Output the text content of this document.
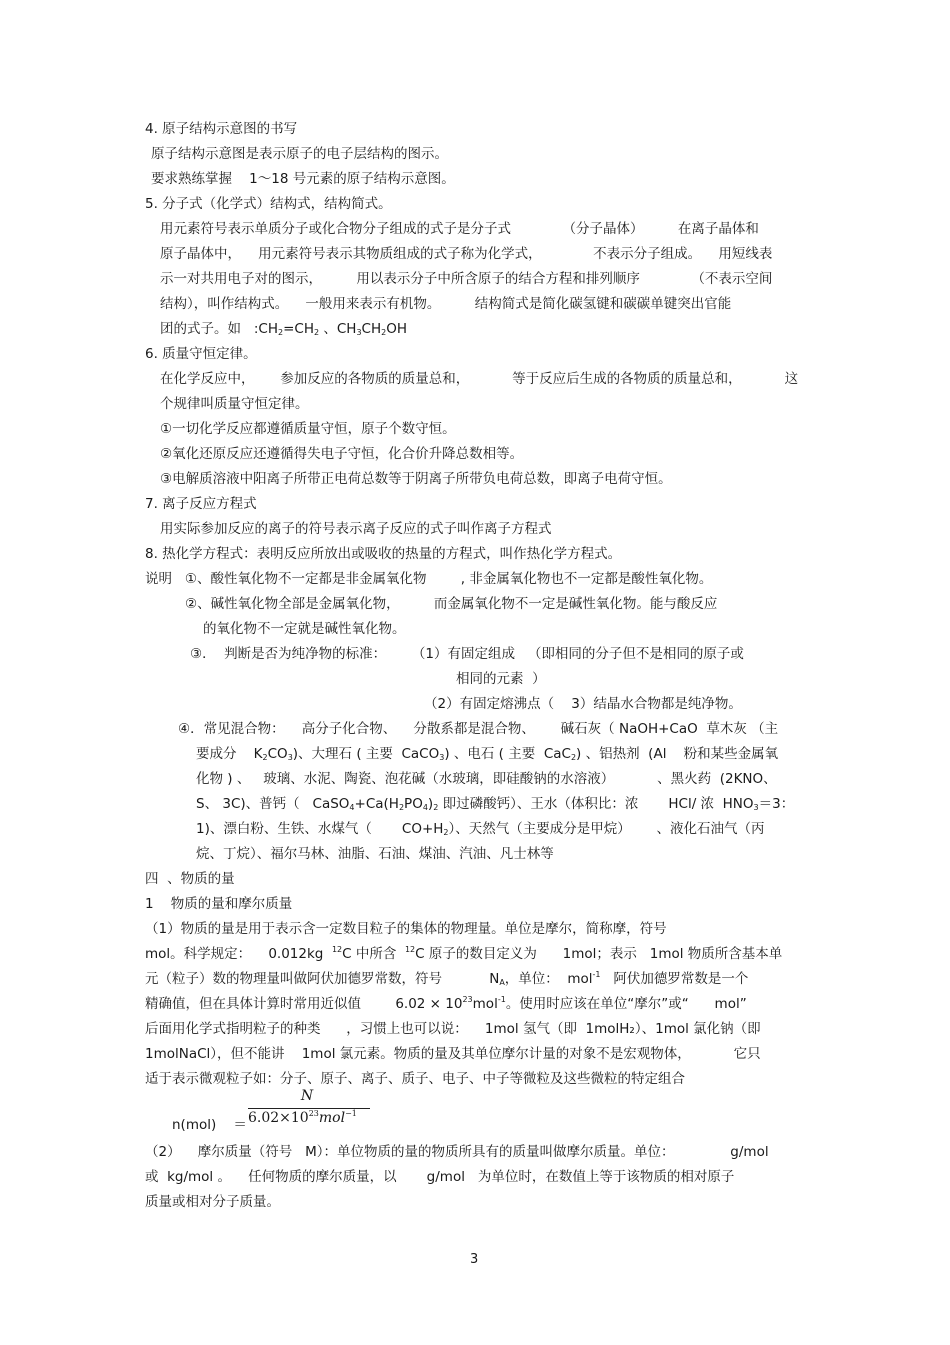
4. 原子结构示意图的书写
原子结构示意图是表示原子的电子层结构的图示。
要求熟练掌握    1～18 号元素的原子结构示意图。
5. 分子式（化学式）结构式，结构简式。
用元素符号表示单质分子或化合物分子组成的式子是分子式            （分子晶体）        在离子晶体和
原子晶体中，    用元素符号表示其物质组成的式子称为化学式，            不表示分子组成。    用短线表
示一对共用电子对的图示，        用以表示分子中所含原子的结合方程和排列顺序            （不表示空间
结构），叫作结构式。    一般用来表示有机物。        结构简式是简化碳氢键和碳碳单键突出官能
团的式子。如   $:CH_2=CH_2$ 、$CH_3CH_2OH$
6. 质量守恒定律。
在化学反应中，      参加反应的各物质的质量总和，          等于反应后生成的各物质的质量总和，          这
个规律叫质量守恒定律。
①一切化学反应都遵循质量守恒，原子个数守恒。
②氧化还原反应还遵循得失电子守恒，化合价升降总数相等。
③电解质溶液中阳离子所带正电荷总数等于阴离子所带负电荷总数，即离子电荷守恒。
7. 离子反应方程式
用实际参加反应的离子的符号表示离子反应的式子叫作离子方程式
8. 热化学方程式：表明反应所放出或吸收的热量的方程式，叫作热化学方程式。
说明   ①、酸性氧化物不一定都是非金属氧化物        , 非金属氧化物也不一定都是酸性氧化物。
②、碱性氧化物全部是金属氧化物，        而金属氧化物不一定是碱性氧化物。能与酸反应
的氧化物不一定就是碱性氧化物。
③．  判断是否为纯净物的标准：      （1）有固定组成   （即相同的分子但不是相同的原子或
相同的元素  ）
（2）有固定熔沸点（    3）结晶水合物都是纯净物。
④．常见混合物：    高分子化合物、    分散系都是混合物、      碱石灰（ NaOH+CaO  草木灰 （主
要成分    $K_2CO_3$)、大理石 ( 主要  CaCO$_3$) 、电石 ( 主要  CaC$_2$) 、铝热剂  (Al    粉和某些金属氧
化物 ) 、   玻璃、水泥、陶瓷、泡花碱（水玻璃，即硅酸钠的水溶液）          、黑火药  (2KNO、
S、 3C)、普钙（   $CaSO_4+Ca(H_2PO_4)_2$ 即过磷酸钙）、王水（体积比：浓       HCl/ 浓  $HNO_3=3$：
1)、漂白粉、生铁、水煤气（       $CO+H_2$）、天然气（主要成分是甲烷）      、液化石油气（丙
烷、丁烷）、福尔马林、油脂、石油、煤油、汽油、凡士林等
四  、物质的量
1    物质的量和摩尔质量
（1）物质的量是用于表示含一定数目粒子的集体的物理量。单位是摩尔，简称摩，符号
mol。科学规定：    0.012kg  $^{12}$C 中所含  $^{12}$C 原子的数目定义为      1mol；表示   1mol 物质所含基本单
元（粒子）数的物理量叫做阿伏加德罗常数，符号           $N_A$，单位：  mol$^{-1}$   阿伏加德罗常数是一个
精确值，但在具体计算时常用近似值        $6.02 \times 10^{23}mol^{-1}$。使用时应该在单位“摩尔”或“      mol”
后面用化学式指明粒子的种类      ，习惯上也可以说：    1mol 氢气（即  1molH₂）、1mol 氯化钠（即
1molNaCl），但不能讲    1mol 氯元素。物质的量及其单位摩尔计量的对象不是宏观物体，          它只
适于表示微观粒子如：分子、原子、离子、质子、电子、中子等微粒及这些微粒的特定组合
n(mol)    ＝
N
$6.02\times 10^{23}mol^{-1}$
（2）    摩尔质量（符号   M）：单位物质的量的物质所具有的质量叫做摩尔质量。单位：             g/mol
或  kg/mol 。    任何物质的摩尔质量，以       g/mol   为单位时，在数值上等于该物质的相对原子
质量或相对分子质量。
3
